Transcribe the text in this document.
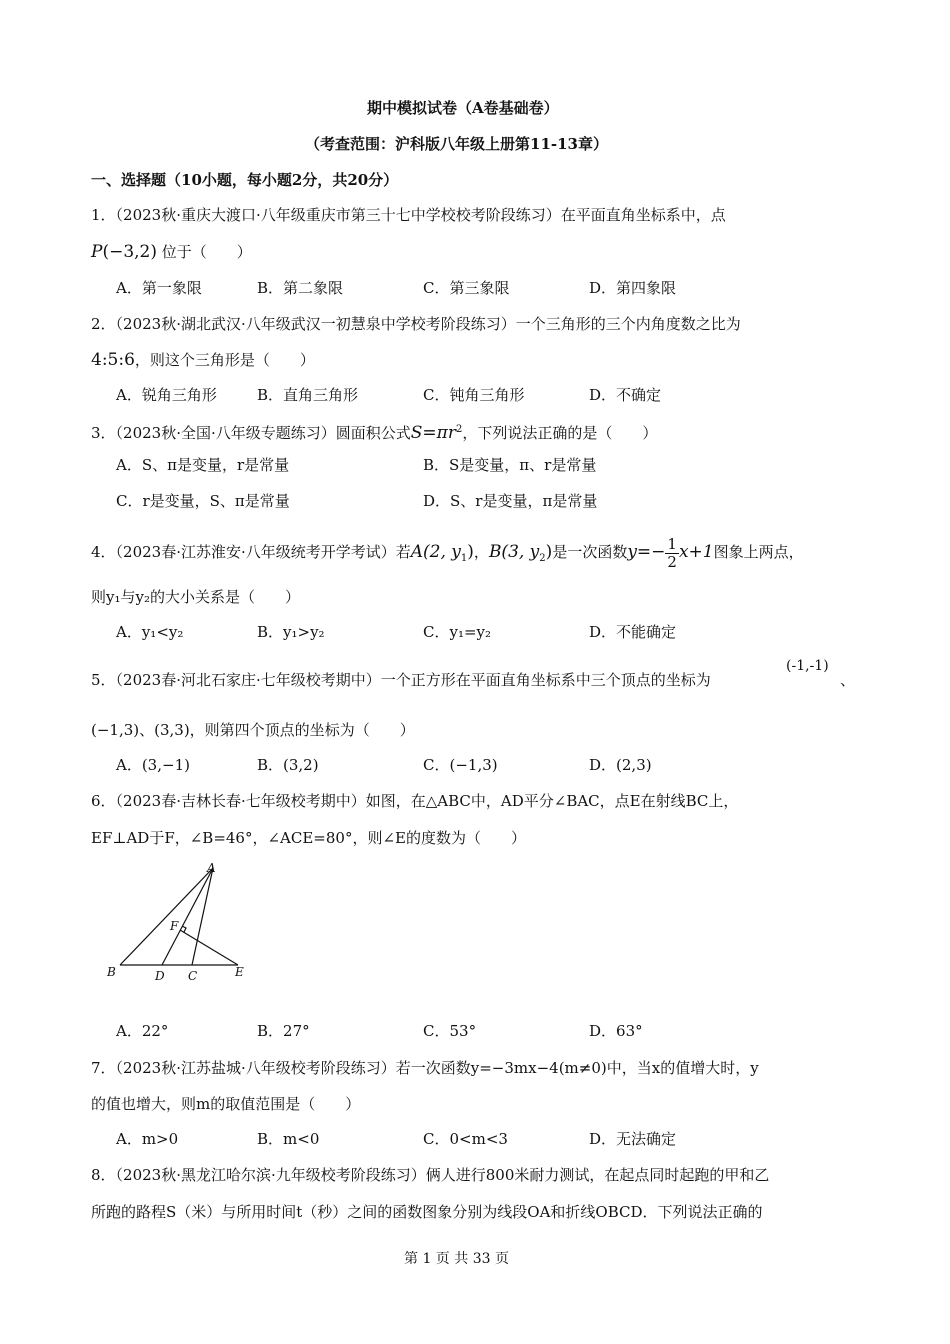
期中模拟试卷（A卷基础卷）
（考查范围：沪科版八年级上册第11-13章）
一、选择题（10小题，每小题2分，共20分）
1．（2023秋·重庆大渡口·八年级重庆市第三十七中学校校考阶段练习）在平面直角坐标系中，点
P(−3,2) 位于（　　）
A．第一象限	B．第二象限	C．第三象限	D．第四象限
2．（2023秋·湖北武汉·八年级武汉一初慧泉中学校考阶段练习）一个三角形的三个内角度数之比为
4:5:6，则这个三角形是（　　）
A．锐角三角形	B．直角三角形	C．钝角三角形	D．不确定
3．（2023秋·全国·八年级专题练习）圆面积公式$S=\pi r^2$，下列说法正确的是（　　）
A．S、π是变量，r是常量	B．S是变量，π、r是常量
C．r是变量，S、π是常量	D．S、r是变量，π是常量
4．（2023春·江苏淮安·八年级统考开学考试）若A(2, $y_1$)，B(3, $y_2$)是一次函数$y=- \frac{1}{2} x+1$图象上两点，
则y₁与y₂的大小关系是（　　）
A．y₁<y₂	B．y₁>y₂	C．y₁=y₂	D．不能确定
5．（2023春·河北石家庄·七年级校考期中）一个正方形在平面直角坐标系中三个顶点的坐标为
(-1,-1)
、
(−1,3)、(3,3)，则第四个顶点的坐标为（　　）
A．(3,−1)	B．(3,2)	C．(−1,3)	D．(2,3)
6．（2023春·吉林长春·七年级校考期中）如图，在△ABC中，AD平分∠BAC，点E在射线BC上，
EF⊥AD于F，∠B=46°，∠ACE=80°，则∠E的度数为（　　）
A
F
B	D C	E
A．22°	B．27°	C．53°	D．63°
7．（2023秋·江苏盐城·八年级校考阶段练习）若一次函数y=−3mx−4(m≠0)中，当x的值增大时，y
的值也增大，则m的取值范围是（　　）
A．m>0	B．m<0	C．0<m<3	D．无法确定
8．（2023秋·黑龙江哈尔滨·九年级校考阶段练习）俩人进行800米耐力测试，在起点同时起跑的甲和乙
所跑的路程S（米）与所用时间t（秒）之间的函数图象分别为线段OA和折线OBCD．下列说法正确的
第 1 页 共 33 页
